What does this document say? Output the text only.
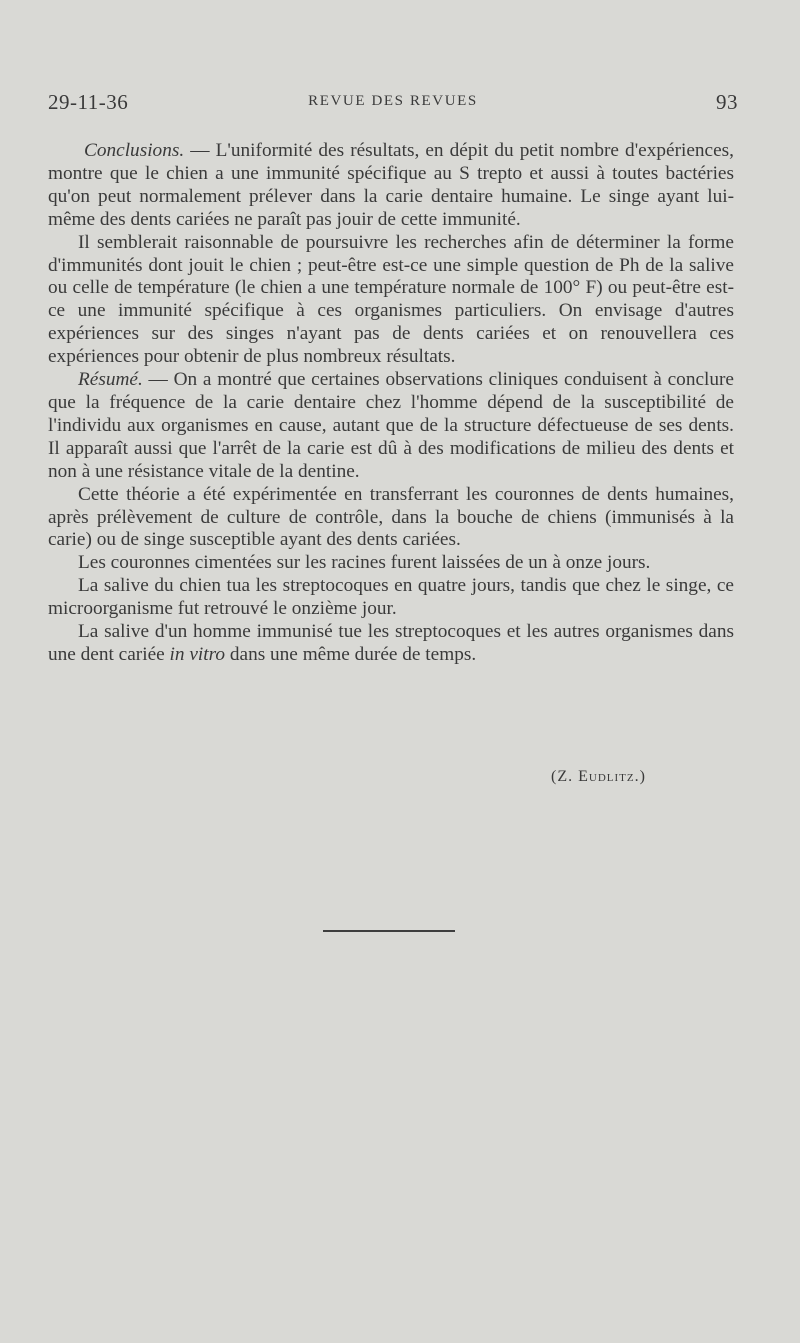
29-11-36	REVUE DES REVUES	93

Conclusions. — L'uniformité des résultats, en dépit du petit nombre d'expériences, montre que le chien a une immunité spécifique au S trepto et aussi à toutes bactéries qu'on peut normalement prélever dans la carie dentaire humaine. Le singe ayant lui-même des dents cariées ne paraît pas jouir de cette immunité.

Il semblerait raisonnable de poursuivre les recherches afin de déterminer la forme d'immunités dont jouit le chien ; peut-être est-ce une simple question de Ph de la salive ou celle de température (le chien a une température normale de 100° F) ou peut-être est-ce une immunité spécifique à ces organismes particuliers. On envisage d'autres expériences sur des singes n'ayant pas de dents cariées et on renouvellera ces expériences pour obtenir de plus nombreux résultats.

Résumé. — On a montré que certaines observations cliniques conduisent à conclure que la fréquence de la carie dentaire chez l'homme dépend de la susceptibilité de l'individu aux organismes en cause, autant que de la structure défectueuse de ses dents. Il apparaît aussi que l'arrêt de la carie est dû à des modifications de milieu des dents et non à une résistance vitale de la dentine.

Cette théorie a été expérimentée en transferrant les couronnes de dents humaines, après prélèvement de culture de contrôle, dans la bouche de chiens (immunisés à la carie) ou de singe susceptible ayant des dents cariées.

Les couronnes cimentées sur les racines furent laissées de un à onze jours.

La salive du chien tua les streptocoques en quatre jours, tandis que chez le singe, ce microorganisme fut retrouvé le onzième jour.

La salive d'un homme immunisé tue les streptocoques et les autres organismes dans une dent cariée in vitro dans une même durée de temps.

(Z. Eudlitz.)
